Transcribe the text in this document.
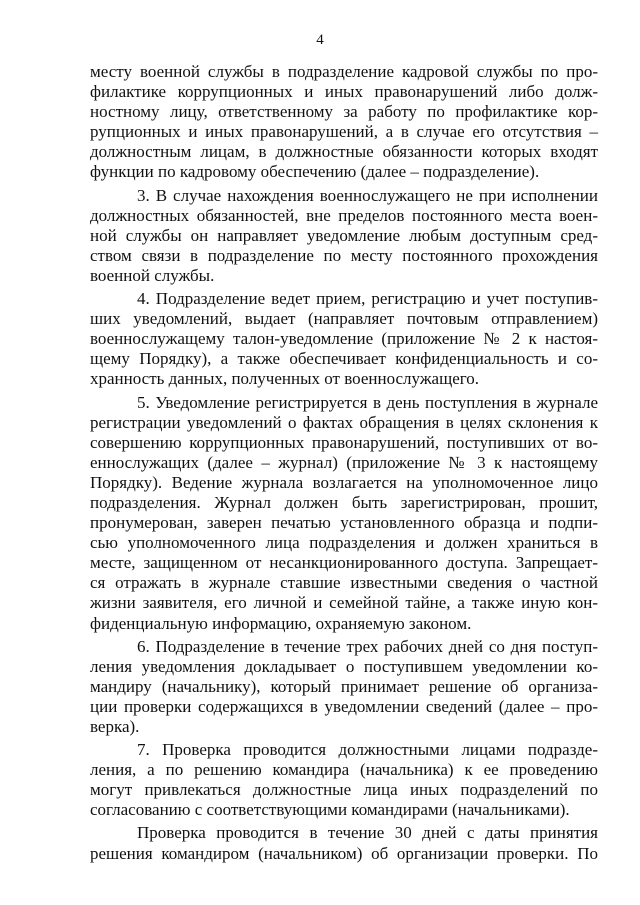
4
месту военной службы в подразделение кадровой службы по про-
филактике коррупционных и иных правонарушений либо долж-
ностному лицу, ответственному за работу по профилактике кор-
рупционных и иных правонарушений, а в случае его отсутствия –
должностным лицам, в должностные обязанности которых входят
функции по кадровому обеспечению (далее – подразделение).
3. В случае нахождения военнослужащего не при исполнении
должностных обязанностей, вне пределов постоянного места воен-
ной службы он направляет уведомление любым доступным сред-
ством связи в подразделение по месту постоянного прохождения
военной службы.
4. Подразделение ведет прием, регистрацию и учет поступив-
ших уведомлений, выдает (направляет почтовым отправлением)
военнослужащему талон-уведомление (приложение № 2 к настоя-
щему Порядку), а также обеспечивает конфиденциальность и со-
хранность данных, полученных от военнослужащего.
5. Уведомление регистрируется в день поступления в журнале
регистрации уведомлений о фактах обращения в целях склонения к
совершению коррупционных правонарушений, поступивших от во-
еннослужащих (далее – журнал) (приложение № 3 к настоящему
Порядку). Ведение журнала возлагается на уполномоченное лицо
подразделения. Журнал должен быть зарегистрирован, прошит,
пронумерован, заверен печатью установленного образца и подпи-
сью уполномоченного лица подразделения и должен храниться в
месте, защищенном от несанкционированного доступа. Запрещает-
ся отражать в журнале ставшие известными сведения о частной
жизни заявителя, его личной и семейной тайне, а также иную кон-
фиденциальную информацию, охраняемую законом.
6. Подразделение в течение трех рабочих дней со дня поступ-
ления уведомления докладывает о поступившем уведомлении ко-
мандиру (начальнику), который принимает решение об организа-
ции проверки содержащихся в уведомлении сведений (далее – про-
верка).
7. Проверка проводится должностными лицами подразде-
ления, а по решению командира (начальника) к ее проведению
могут привлекаться должностные лица иных подразделений по
согласованию с соответствующими командирами (начальниками).
Проверка проводится в течение 30 дней с даты принятия
решения командиром (начальником) об организации проверки. По
